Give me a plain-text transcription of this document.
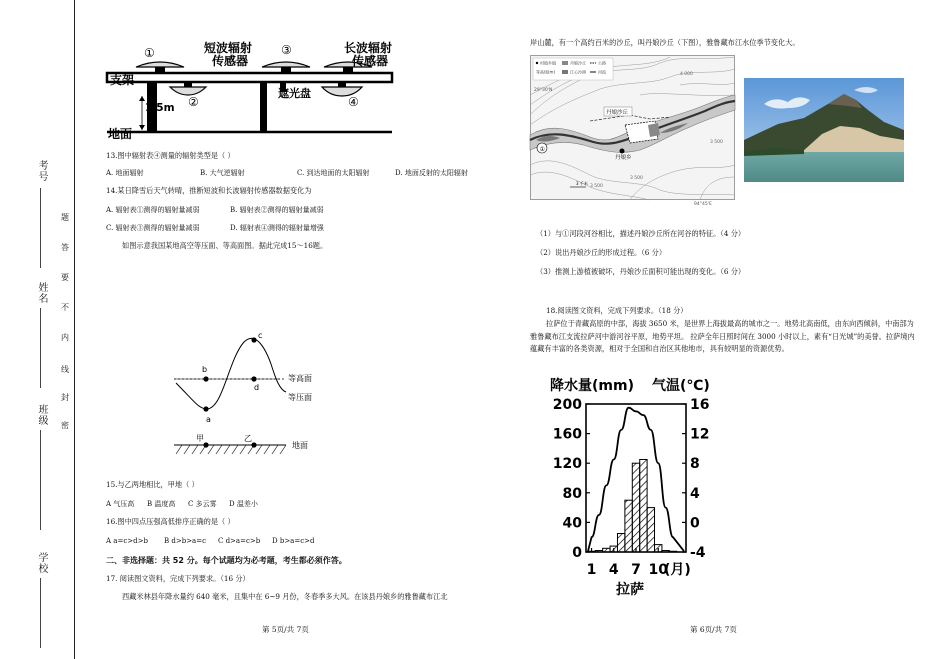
考号
姓名
班级
学校
密
封
线
内
不
要
答
题
①
②
③
④
短波辐射
传感器
长波辐射
传感器
支架
1.5m
遮光盘
地面
13.图中辐射表④测量的辐射类型是（ ）
A. 地面辐射	B. 大气逆辐射	C. 到达地面的太阳辐射	D. 地面反射的太阳辐射
14.某日降雪后天气转晴，推断短波和长波辐射传感器数据变化为
A. 辐射表①测得的辐射量减弱	B. 辐射表②测得的辐射量减弱
C. 辐射表③测得的辐射量减弱	D. 辐射表④测得的辐射量增强
如图示意我国某地高空等压面、等高面图。据此完成15～16题。
a
b
c
d
等高面
等压面
甲	乙
地面
15.与乙两地相比，甲地（ ）
A 气压高 B 温度高 C 多云雾 D 温差小
16.图中四点压强高低排序正确的是（ ）
A a=c>d>b B d>b>a=c C d>a=c>b D b>a=c>d
二、非选择题：共 52 分。每个试题均为必考题，考生都必须作答。
17. 阅读图文资料，完成下列要求。（16 分）
西藏米林县年降水量约 640 毫米，且集中在 6~9 月份，冬春季多大风。在该县丹娘乡的雅鲁藏布江北
第 5页/共 7页
岸山麓，有一个高约百米的沙丘，叫丹娘沙丘（下图），雅鲁藏布江水位季节变化大。
①
村镇乡镇	丹娘沙丘	公路
等高线(m)	江心沙洲	河流
29°30'N
94°45'E
4 000
3 500
3 500
3 500
丹娘沙丘
丹娘乡
3 千米
（1）与①河段河谷相比，描述丹娘沙丘所在河谷的特征。（4 分）
（2）说出丹娘沙丘的形成过程。（6 分）
（3）推测上游植被破坏，丹娘沙丘面积可能出现的变化。（6 分）
18.阅读图文资料，完成下列要求。（18 分）
拉萨位于青藏高原的中部，海拔 3650 米，是世界上海拔最高的城市之一。地势北高南低，由东向西倾斜，中南部为雅鲁藏布江支流拉萨河中游河谷平原，地势平坦。 拉萨全年日照时间在 3000 小时以上，素有“日光城”的美誉。拉萨境内蕴藏有丰富的各类资源，相对于全国和自治区其他地市，具有较明显的资源优势。
降水量(mm) 气温(℃)
200
160
120
80
40
0
16
12
8
4
0
-4
1 4 7 10
拉萨
(月)
第 6页/共 7页
